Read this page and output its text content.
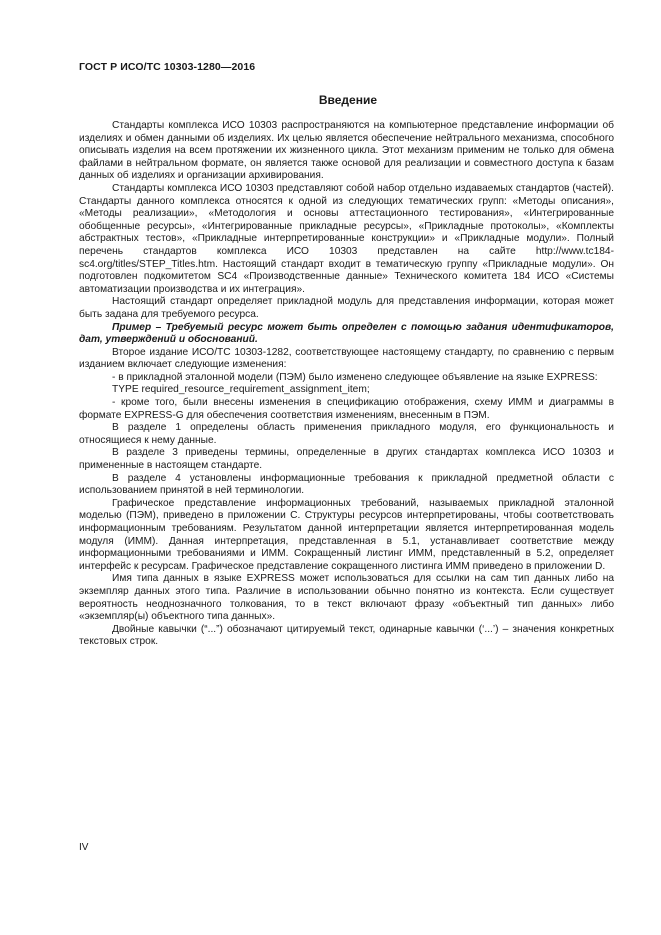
ГОСТ Р ИСО/ТС 10303-1280—2016
Введение

Стандарты комплекса ИСО 10303 распространяются на компьютерное представление информации об изделиях и обмен данными об изделиях. Их целью является обеспечение нейтрального механизма, способного описывать изделия на всем протяжении их жизненного цикла. Этот механизм применим не только для обмена файлами в нейтральном формате, он является также основой для реализации и совместного доступа к базам данных об изделиях и организации архивирования.

Стандарты комплекса ИСО 10303 представляют собой набор отдельно издаваемых стандартов (частей). Стандарты данного комплекса относятся к одной из следующих тематических групп: «Методы описания», «Методы реализации», «Методология и основы аттестационного тестирования», «Интегрированные обобщенные ресурсы», «Интегрированные прикладные ресурсы», «Прикладные протоколы», «Комплекты абстрактных тестов», «Прикладные интерпретированные конструкции» и «Прикладные модули». Полный перечень стандартов комплекса ИСО 10303 представлен на сайте http://www.tc184-sc4.org/titles/STEP_Titles.htm. Настоящий стандарт входит в тематическую группу «Прикладные модули». Он подготовлен подкомитетом SC4 «Производственные данные» Технического комитета 184 ИСО «Системы автоматизации производства и их интеграция».

Настоящий стандарт определяет прикладной модуль для представления информации, которая может быть задана для требуемого ресурса.

Пример – Требуемый ресурс может быть определен с помощью задания идентификаторов, дат, утверждений и обоснований.

Второе издание ИСО/ТС 10303-1282, соответствующее настоящему стандарту, по сравнению с первым изданием включает следующие изменения:

- в прикладной эталонной модели (ПЭМ) было изменено следующее объявление на языке EXPRESS:

TYPE required_resource_requirement_assignment_item;

- кроме того, были внесены изменения в спецификацию отображения, схему ИММ и диаграммы в формате EXPRESS-G для обеспечения соответствия изменениям, внесенным в ПЭМ.

В разделе 1 определены область применения прикладного модуля, его функциональность и относящиеся к нему данные.

В разделе 3 приведены термины, определенные в других стандартах комплекса ИСО 10303 и примененные в настоящем стандарте.

В разделе 4 установлены информационные требования к прикладной предметной области с использованием принятой в ней терминологии.

Графическое представление информационных требований, называемых прикладной эталонной моделью (ПЭМ), приведено в приложении С. Структуры ресурсов интерпретированы, чтобы соответствовать информационным требованиям. Результатом данной интерпретации является интерпретированная модель модуля (ИММ). Данная интерпретация, представленная в 5.1, устанавливает соответствие между информационными требованиями и ИММ. Сокращенный листинг ИММ, представленный в 5.2, определяет интерфейс к ресурсам. Графическое представление сокращенного листинга ИММ приведено в приложении D.

Имя типа данных в языке EXPRESS может использоваться для ссылки на сам тип данных либо на экземпляр данных этого типа. Различие в использовании обычно понятно из контекста. Если существует вероятность неоднозначного толкования, то в текст включают фразу «объектный тип данных» либо «экземпляр(ы) объектного типа данных».

Двойные кавычки (“...”) обозначают цитируемый текст, одинарные кавычки (‘...’) – значения конкретных текстовых строк.

IV
